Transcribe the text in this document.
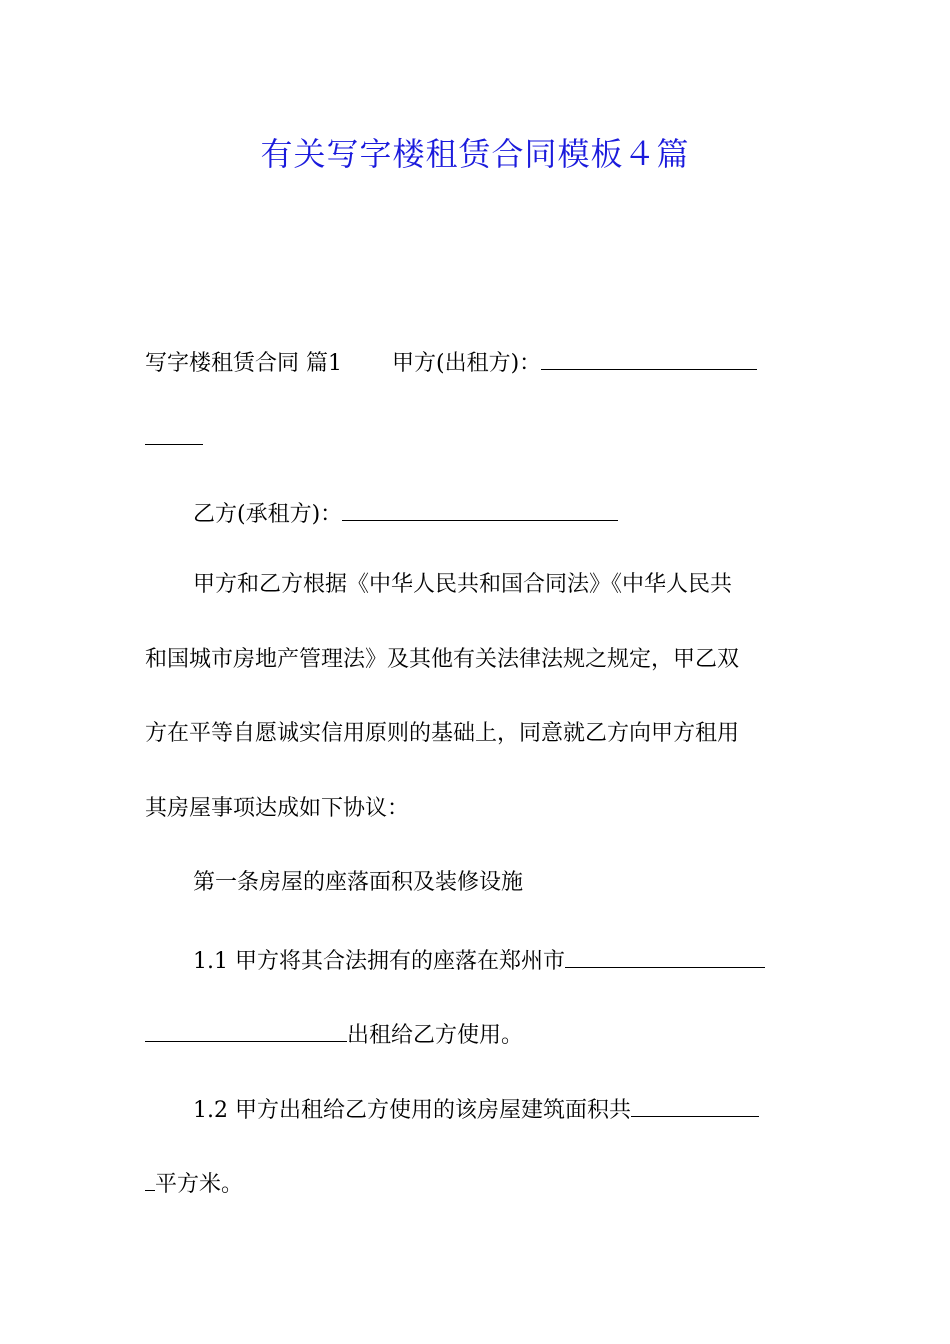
有关写字楼租赁合同模板４篇
写字楼租赁合同 篇1 甲方(出租方)：
乙方(承租方)：
甲方和乙方根据《中华人民共和国合同法》《中华人民共
和国城市房地产管理法》及其他有关法律法规之规定，甲乙双
方在平等自愿诚实信用原则的基础上，同意就乙方向甲方租用
其房屋事项达成如下协议：
第一条房屋的座落面积及装修设施
1.1 甲方将其合法拥有的座落在郑州市
出租给乙方使用。
1.2 甲方出租给乙方使用的该房屋建筑面积共
平方米。
